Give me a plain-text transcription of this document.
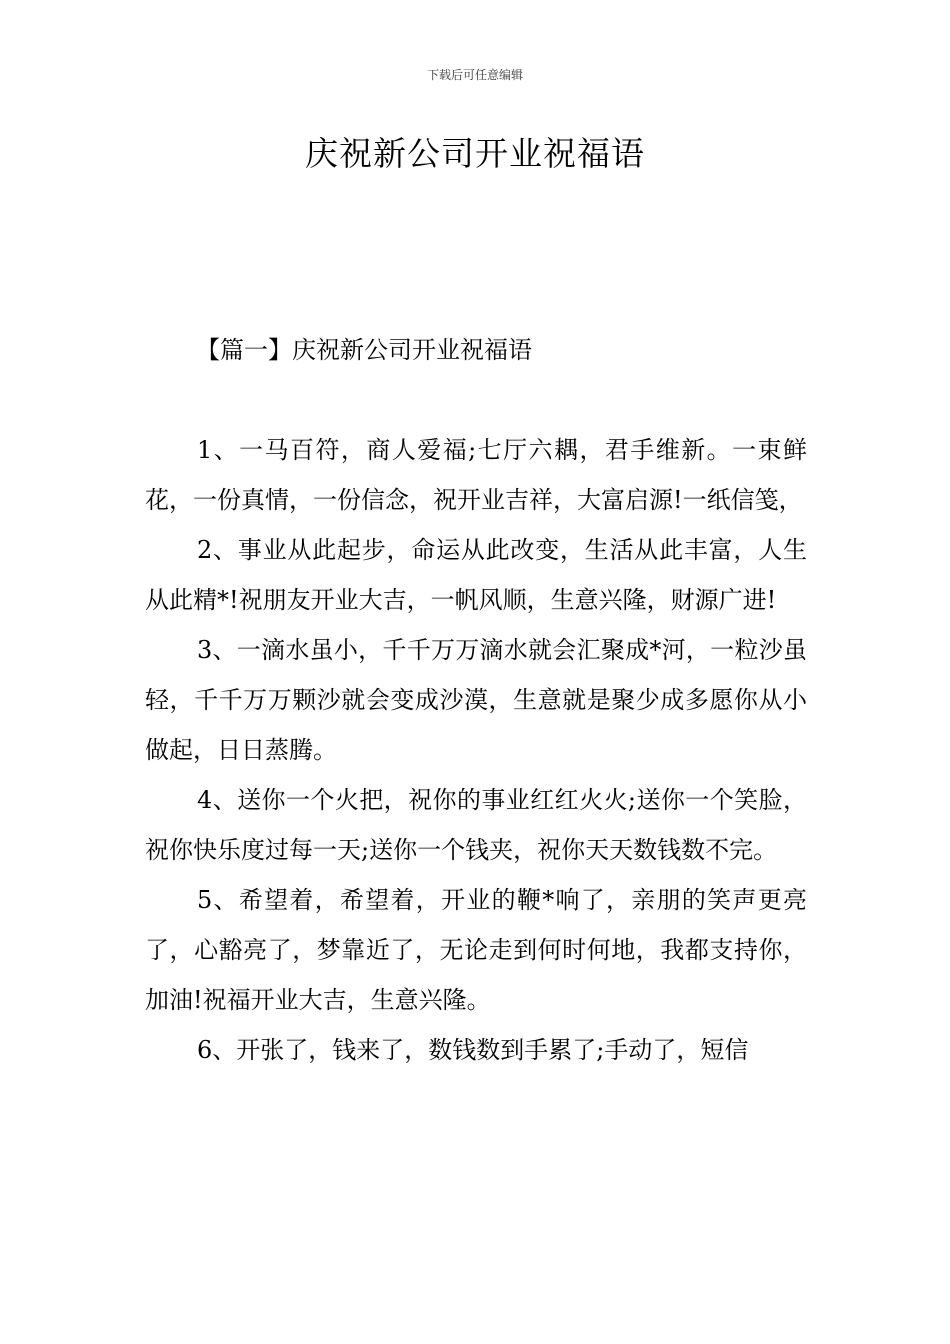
下载后可任意编辑
庆祝新公司开业祝福语
【篇一】庆祝新公司开业祝福语

1、一马百符，商人爱福;七厅六耦，君手维新。一束鲜花，一份真情，一份信念，祝开业吉祥，大富启源!一纸信笺，

2、事业从此起步，命运从此改变，生活从此丰富，人生从此精*!祝朋友开业大吉，一帆风顺，生意兴隆，财源广进!

3、一滴水虽小，千千万万滴水就会汇聚成*河，一粒沙虽轻，千千万万颗沙就会变成沙漠，生意就是聚少成多愿你从小做起，日日蒸腾。

4、送你一个火把，祝你的事业红红火火;送你一个笑脸，祝你快乐度过每一天;送你一个钱夹，祝你天天数钱数不完。

5、希望着，希望着，开业的鞭*响了，亲朋的笑声更亮了，心豁亮了，梦靠近了，无论走到何时何地，我都支持你，加油!祝福开业大吉，生意兴隆。

6、开张了，钱来了，数钱数到手累了;手动了，短信
